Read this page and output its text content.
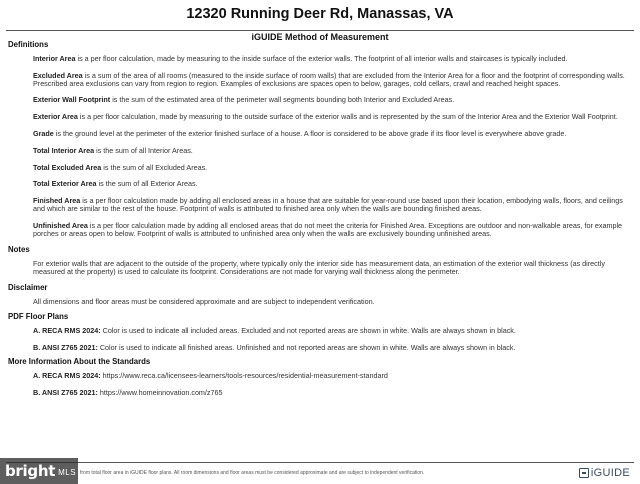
12320 Running Deer Rd, Manassas, VA
iGUIDE Method of Measurement
Definitions

Interior Area is a per floor calculation, made by measuring to the inside surface of the exterior walls. The footprint of all interior walls and staircases is typically included.

Excluded Area is a sum of the area of all rooms (measured to the inside surface of room walls) that are excluded from the Interior Area for a floor and the footprint of corresponding walls. Prescribed area exclusions can vary from region to region. Examples of exclusions are spaces open to below, garages, cold cellars, crawl and reached height spaces.

Exterior Wall Footprint is the sum of the estimated area of the perimeter wall segments bounding both Interior and Excluded Areas.

Exterior Area is a per floor calculation, made by measuring to the outside surface of the exterior walls and is represented by the sum of the Interior Area and the Exterior Wall Footprint.

Grade is the ground level at the perimeter of the exterior finished surface of a house. A floor is considered to be above grade if its floor level is everywhere above grade.

Total Interior Area is the sum of all Interior Areas.

Total Excluded Area is the sum of all Excluded Areas.

Total Exterior Area is the sum of all Exterior Areas.

Finished Area is a per floor calculation made by adding all enclosed areas in a house that are suitable for year-round use based upon their location, embodying walls, floors, and ceilings and which are similar to the rest of the house. Footprint of walls is attributed to finished area only when the walls are bounding finished areas.

Unfinished Area is a per floor calculation made by adding all enclosed areas that do not meet the criteria for Finished Area. Exceptions are outdoor and non-walkable areas, for example porches or areas open to below. Footprint of walls is attributed to unfinished area only when the walls are exclusively bounding unfinished areas.

Notes

For exterior walls that are adjacent to the outside of the property, where typically only the interior side has measurement data, an estimation of the exterior wall thickness (as directly measured at the property) is used to calculate its footprint. Considerations are not made for varying wall thickness along the perimeter.

Disclaimer

All dimensions and floor areas must be considered approximate and are subject to independent verification.

PDF Floor Plans

A. RECA RMS 2024: Color is used to indicate all included areas. Excluded and not reported areas are shown in white. Walls are always shown in black.

B. ANSI Z765 2021: Color is used to indicate all finished areas. Unfinished and not reported areas are shown in white. Walls are always shown in black.

More Information About the Standards

A. RECA RMS 2024: https://www.reca.ca/licensees-learners/tools-resources/residential-measurement-standard

B. ANSI Z765 2021: https://www.homeinnovation.com/z765

from total floor area in iGUIDE floor plans. All room dimensions and floor areas must be considered approximate and are subject to independent verification.	iGUIDE
bright MLS
